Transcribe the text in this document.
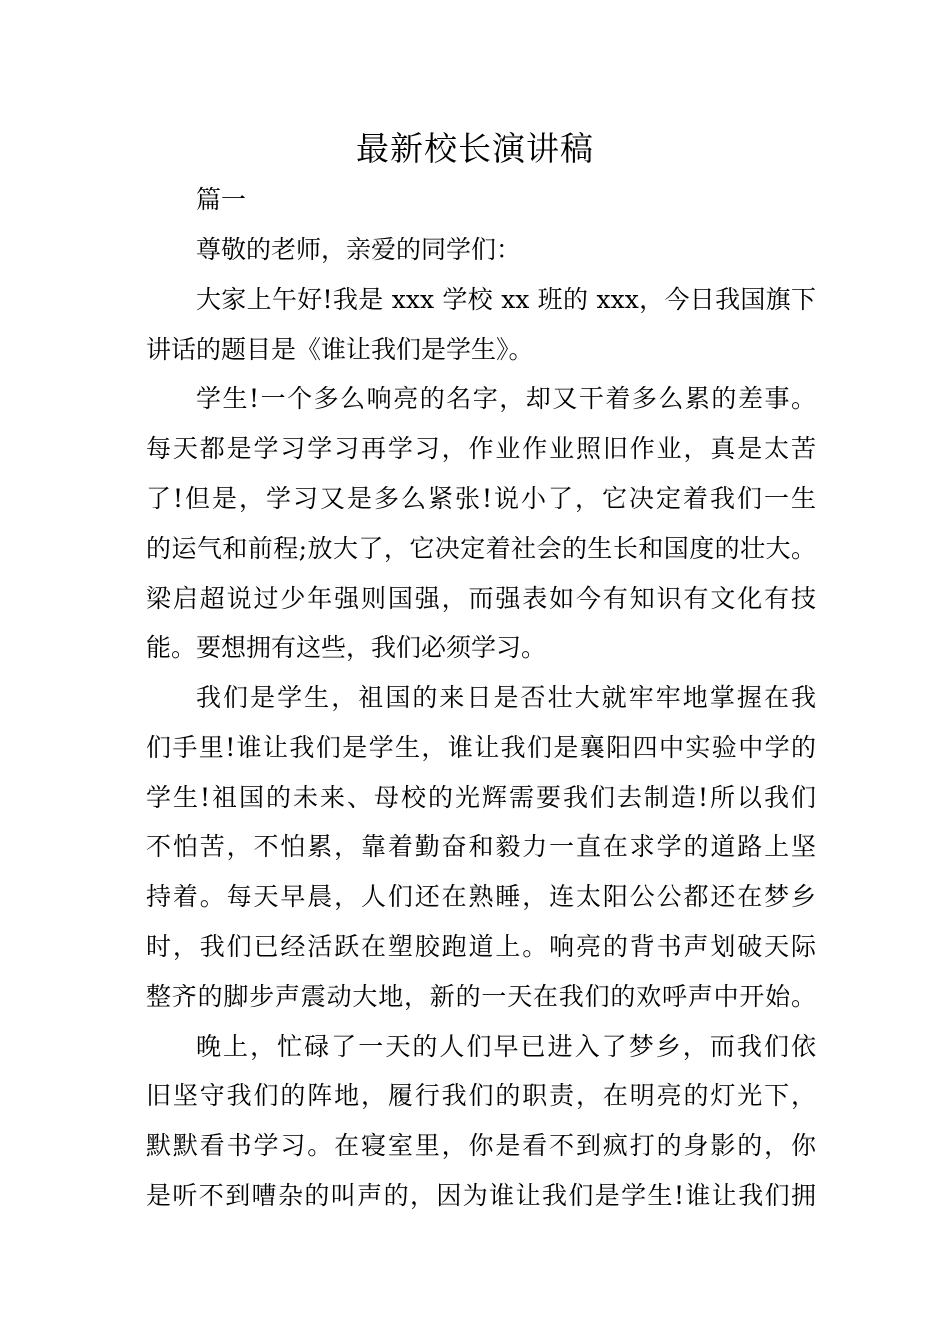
最新校长演讲稿
篇一
尊敬的老师，亲爱的同学们：
大家上午好!我是 xxx 学校 xx 班的 xxx，今日我国旗下
讲话的题目是《谁让我们是学生》。
学生!一个多么响亮的名字，却又干着多么累的差事。
每天都是学习学习再学习，作业作业照旧作业，真是太苦
了!但是，学习又是多么紧张!说小了，它决定着我们一生
的运气和前程;放大了，它决定着社会的生长和国度的壮大。
梁启超说过少年强则国强，而强表如今有知识有文化有技
能。要想拥有这些，我们必须学习。
我们是学生，祖国的来日是否壮大就牢牢地掌握在我
们手里!谁让我们是学生，谁让我们是襄阳四中实验中学的
学生!祖国的未来、母校的光辉需要我们去制造!所以我们
不怕苦，不怕累，靠着勤奋和毅力一直在求学的道路上坚
持着。每天早晨，人们还在熟睡，连太阳公公都还在梦乡
时，我们已经活跃在塑胶跑道上。响亮的背书声划破天际
整齐的脚步声震动大地，新的一天在我们的欢呼声中开始。
晚上，忙碌了一天的人们早已进入了梦乡，而我们依
旧坚守我们的阵地，履行我们的职责，在明亮的灯光下，
默默看书学习。在寝室里，你是看不到疯打的身影的，你
是听不到嘈杂的叫声的，因为谁让我们是学生!谁让我们拥
